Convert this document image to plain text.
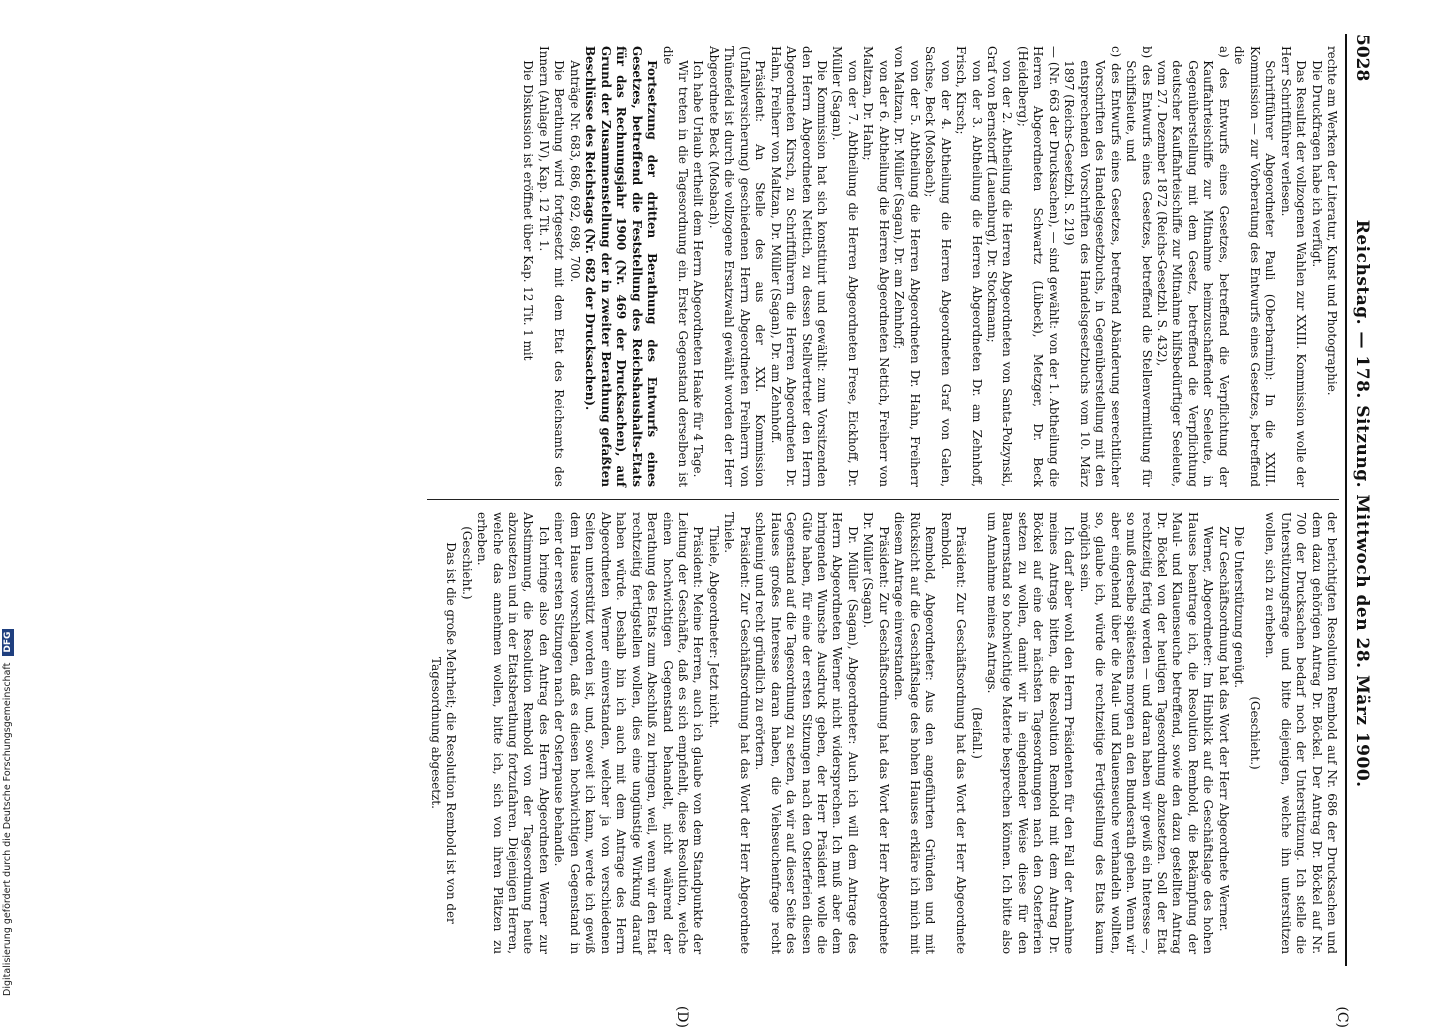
5028
Reichstag. — 178. Sitzung. Mittwoch den 28. März 1900.

rechte am Werken der Literatur, Kunst und Photographie.

Die Druckfragen habe ich verfügt.

Das Resultat der vollzogenen Wahlen zur XXIII. Kommission wolle der Herr Schriftführer verlesen.

Schriftführer Abgeordneter Pauli (Oberbarnim): In die XXIII. Kommission — zur Vorberatung des Entwurfs eines Gesetzes, betreffend die

a) des Entwurfs eines Gesetzes, betreffend die Verpflichtung der Kauffahrteischiffe zur Mitnahme heimzuschaffender Seeleute, in Gegenüberstellung mit dem Gesetz, betreffend die Verpflichtung deutscher Kauffahrteischiffe zur Mitnahme hilfsbedürftiger Seeleute, vom 27. Dezember 1872 (Reichs-Gesetzbl. S. 432),

b) des Entwurfs eines Gesetzes, betreffend die Stellenvermittlung für Schiffsleute, und

c) des Entwurfs eines Gesetzes, betreffend Abänderung seerechtlicher Vorschriften des Handelsgesetzbuchs, in Gegenüberstellung mit den entsprechenden Vorschriften des Handelsgesetzbuchs vom 10. März 1897 (Reichs-Gesetzbl. S. 219)

— (Nr. 663 der Drucksachen), — sind gewählt: von der 1. Abtheilung die Herren Abgeordneten Schwartz (Lübeck), Metzger, Dr. Beck (Heidelberg);

von der 2. Abtheilung die Herren Abgeordneten von Santa-Polzynski, Graf von Bernstorff (Lauenburg), Dr. Stockmann;

von der 3. Abtheilung die Herren Abgeordneten Dr. am Zehnhoff, Frisch, Kirsch;

von der 4. Abtheilung die Herren Abgeordneten Graf von Galen, Sachse, Beck (Mosbach);

von der 5. Abtheilung die Herren Abgeordneten Dr. Hahn, Freiherr von Maltzan, Dr. Müller (Sagan), Dr. am Zehnhoff;

von der 6. Abtheilung die Herren Abgeordneten Nettich, Freiherr von Maltzan, Dr. Hahn;

von der 7. Abtheilung die Herren Abgeordneten Frese, Eickhoff, Dr. Müller (Sagan).

Die Kommission hat sich konstituirt und gewählt: zum Vorsitzenden den Herrn Abgeordneten Nettich, zu dessen Stellvertreter den Herrn Abgeordneten Kirsch, zu Schriftführern die Herren Abgeordneten Dr. Hahn, Freiherr von Maltzan, Dr. Müller (Sagan), Dr. am Zehnhoff.

Präsident: An Stelle des aus der XXI. Kommission (Unfallversicherung) geschiedenen Herrn Abgeordneten Freiherrn von Thünefeld ist durch die vollzogene Ersatzwahl gewählt worden der Herr Abgeordnete Beck (Mosbach).

Ich habe Urlaub ertheilt dem Herrn Abgeordneten Haake für 4 Tage.

Wir treten in die Tagesordnung ein. Erster Gegenstand derselben ist die

Fortsetzung der dritten Berathung des Entwurfs eines Gesetzes, betreffend die Feststellung des Reichshaushalts-Etats für das Rechnungsjahr 1900 (Nr. 469 der Drucksachen), auf Grund der Zusammenstellung der in zweiter Berathung gefaßten Beschlüsse des Reichstags (Nr. 682 der Drucksachen).

Anträge Nr. 683, 686, 692, 698, 700.

Die Berathung wird fortgesetzt mit dem Etat des Reichsamts des Innern (Anlage IV), Kap. 12 Tit. 1.

Die Diskussion ist eröffnet über Kap. 12 Tit. 1 mit

der berichtigten Resolution Rembold auf Nr. 686 der Drucksachen und dem dazu gehörigen Antrag Dr. Böckel. Der Antrag Dr. Böckel auf Nr. 700 der Drucksachen bedarf noch der Unterstützung. Ich stelle die Unterstützungsfrage und bitte diejenigen, welche ihn unterstützen wollen, sich zu erheben.

(Geschieht.)

Die Unterstützung genügt.

Zur Geschäftsordnung hat das Wort der Herr Abgeordnete Werner.

Werner, Abgeordneter: Im Hinblick auf die Geschäftslage des hohen Hauses beantrage ich, die Resolution Rembold, die Bekämpfung der Maul- und Klauenseuche betreffend, sowie den dazu gestellten Antrag Dr. Böckel von der heutigen Tagesordnung abzusetzen. Soll der Etat rechtzeitig fertig werden — und daran haben wir gewiß ein Interesse —, so muß derselbe spätestens morgen an den Bundesrath gehen. Wenn wir aber eingehend über die Maul- und Klauenseuche verhandeln wollten, so, glaube ich, würde die rechtzeitige Fertigstellung des Etats kaum möglich sein.

Ich darf aber wohl den Herrn Präsidenten für den Fall der Annahme meines Antrags bitten, die Resolution Rembold mit dem Antrag Dr. Böckel auf eine der nächsten Tagesordnungen nach den Osterferien setzen zu wollen, damit wir in eingehender Weise diese für den Bauernstand so hochwichtige Materie besprechen können. Ich bitte also um Annahme meines Antrags.

(Beifall.)

Präsident: Zur Geschäftsordnung hat das Wort der Herr Abgeordnete Rembold.

Rembold, Abgeordneter: Aus den angeführten Gründen und mit Rücksicht auf die Geschäftslage des hohen Hauses erkläre ich mich mit diesem Antrage einverstanden.

Präsident: Zur Geschäftsordnung hat das Wort der Herr Abgeordnete Dr. Müller (Sagan).

Dr. Müller (Sagan), Abgeordneter: Auch ich will dem Antrage des Herrn Abgeordneten Werner nicht widersprechen. Ich muß aber dem bringenden Wunsche Ausdruck geben, der Herr Präsident wolle die Güte haben, für eine der ersten Sitzungen nach den Osterferien diesen Gegenstand auf die Tagesordnung zu setzen, da wir auf dieser Seite des Hauses großes Interesse daran haben, die Viehseuchenfrage recht schleunig und recht gründlich zu erörtern.

Präsident: Zur Geschäftsordnung hat das Wort der Herr Abgeordnete Thiele.

Thiele, Abgeordneter: Jetzt nicht.

Präsident: Meine Herren, auch ich glaube von dem Standpunkte der Leitung der Geschäfte, daß es sich empfiehlt, diese Resolution, welche einen hochwichtigen Gegenstand behandelt, nicht während der Berathung des Etats zum Abschluß zu bringen, weil, wenn wir den Etat rechtzeitig fertigstellen wollen, dies eine ungünstige Wirkung darauf haben würde. Deshalb bin ich auch mit dem Antrage des Herrn Abgeordneten Werner einverstanden, welcher ja von verschiedenen Seiten unterstützt worden ist, und, soweit ich kann, werde ich gewiß dem Hause vorschlagen, daß es diesen hochwichtigen Gegenstand in einer der ersten Sitzungen nach der Osterpause behandle.

Ich bringe also den Antrag des Herrn Abgeordneten Werner zur Abstimmung, die Resolution Rembold von der Tagesordnung heute abzusetzen und in der Etatsberathung fortzufahren. Diejenigen Herren, welche das annehmen wollen, bitte ich, sich von ihren Plätzen zu erheben.

(Geschieht.)

Das ist die große Mehrheit; die Resolution Rembold ist von der Tagesordnung abgesetzt.

(C)
(D)
Digitalisierung gefördert durch die Deutsche Forschungsgemeinschaft DFG
